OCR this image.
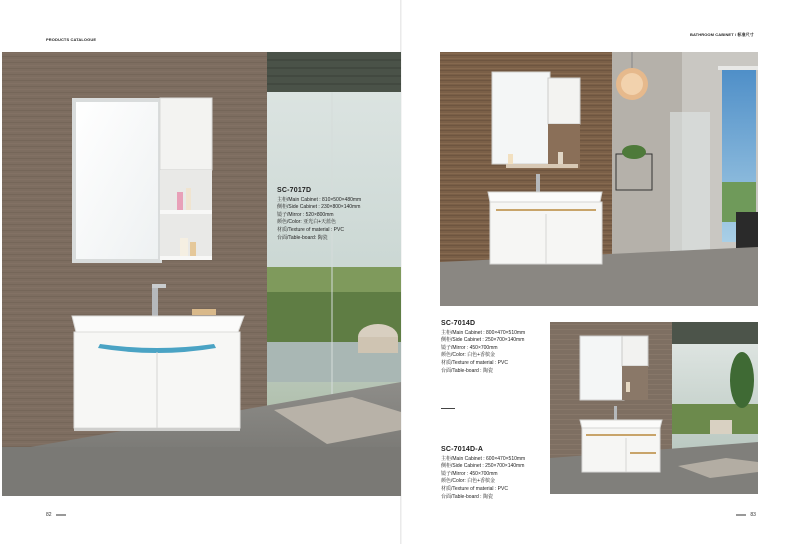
PRODUCTS CATALOGUE
BATHROOM CABINET / 标准尺寸
SC-7017D
主柜/Main Cabinet : 810×500×480mm
侧柜/Side Cabinet : 230×800×140mm
镜子/Mirror : 520×800mm
颜色/Color: 亚光白+天蓝色
材质/Texture of material : PVC
台面/Table-board: 陶瓷
SC-7014D
主柜/Main Cabinet : 800×470×510mm
侧柜/Side Cabinet : 250×700×140mm
镜子/Mirror : 450×700mm
颜色/Color: 白色+香槟金
材质/Texture of material : PVC
台面/Table-board : 陶瓷
SC-7014D-A
主柜/Main Cabinet : 600×470×510mm
侧柜/Side Cabinet : 250×700×140mm
镜子/Mirror : 450×700mm
颜色/Color: 白色+香槟金
材质/Texture of material : PVC
台面/Table-board : 陶瓷
82	83
